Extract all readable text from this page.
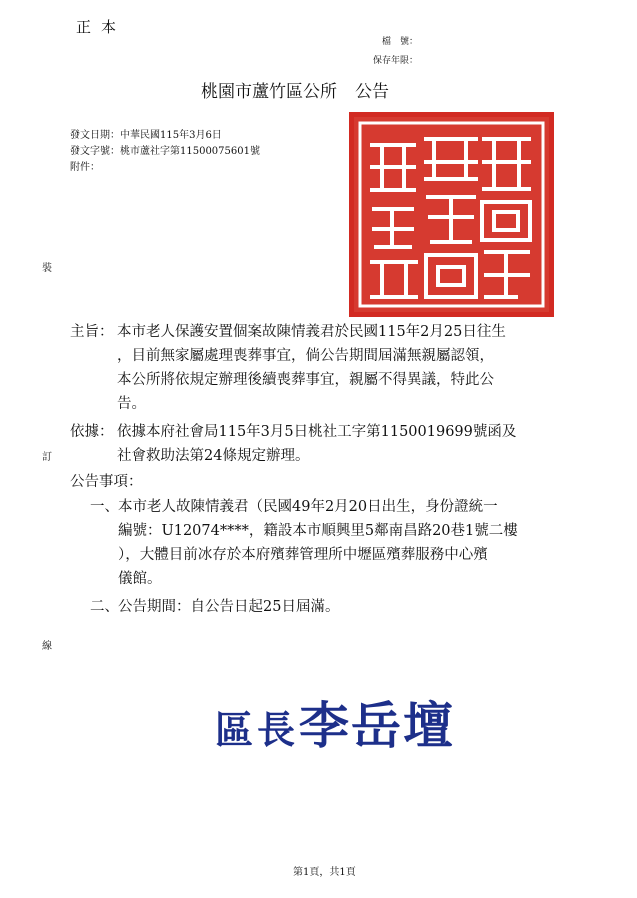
正本
檔　號：
保存年限：
桃園市蘆竹區公所 公告
發文日期：中華民國115年3月6日
發文字號：桃市蘆社字第11500075601號
附件：
裝
訂
線
主旨： 本市老人保護安置個案故陳情義君於民國115年2月25日往生
，目前無家屬處理喪葬事宜，倘公告期間屆滿無親屬認領，
本公所將依規定辦理後續喪葬事宜，親屬不得異議，特此公
告。
依據： 依據本府社會局115年3月5日桃社工字第1150019699號函及
社會救助法第24條規定辦理。
公告事項：
一、 本市老人故陳情義君（民國49年2月20日出生，身份證統一
編號：U12074****，籍設本市順興里5鄰南昌路20巷1號二樓
），大體目前冰存於本府殯葬管理所中壢區殯葬服務中心殯
儀館。
二、 公告期間：自公告日起25日屆滿。
區長李岳壇
第1頁，共1頁
